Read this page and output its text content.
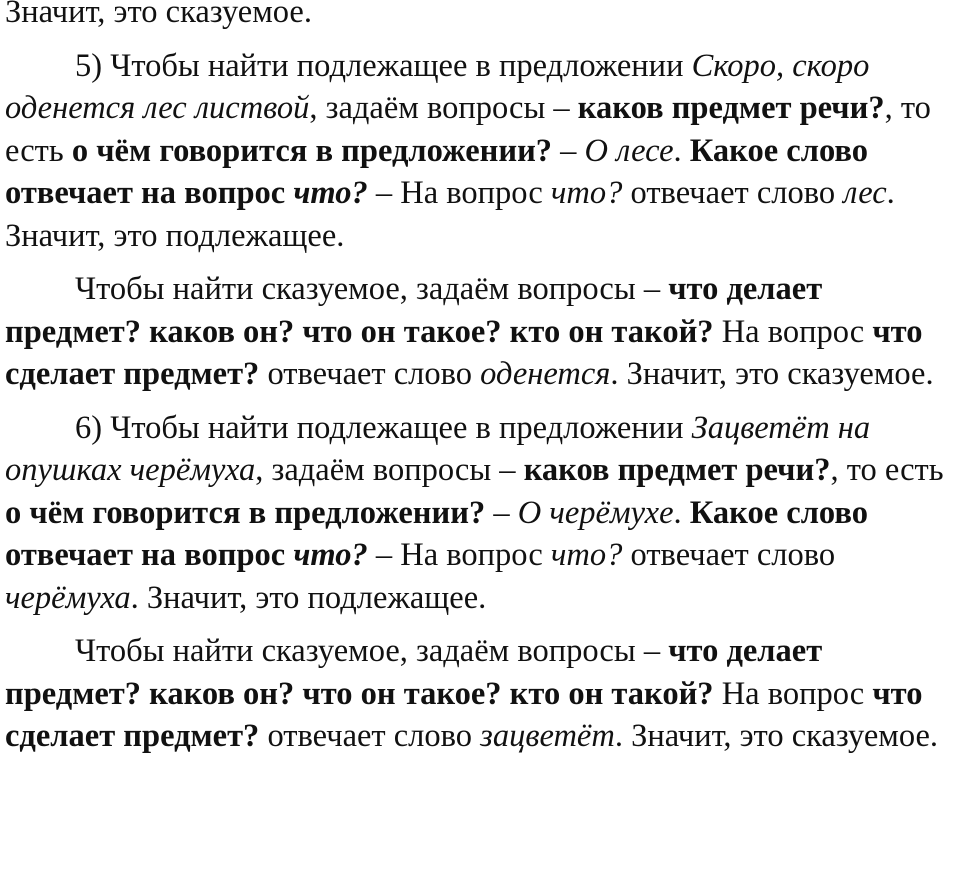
Значит, это сказуемое.

5) Чтобы найти подлежащее в предложении Скоро, скоро оденется лес листвой, задаём вопросы – каков предмет речи?, то есть о чём говорится в предложении? – О лесе. Какое слово отвечает на вопрос что? – На вопрос что? отвечает слово лес. Значит, это подлежащее.

Чтобы найти сказуемое, задаём вопросы – что делает предмет? каков он? что он такое? кто он такой? На вопрос что сделает предмет? отвечает слово оденется. Значит, это сказуемое.

6) Чтобы найти подлежащее в предложении Зацветёт на опушках черёмуха, задаём вопросы – каков предмет речи?, то есть о чём говорится в предложении? – О черёмухе. Какое слово отвечает на вопрос что? – На вопрос что? отвечает слово черёмуха. Значит, это подлежащее.

Чтобы найти сказуемое, задаём вопросы – что делает предмет? каков он? что он такое? кто он такой? На вопрос что сделает предмет? отвечает слово зацветёт. Значит, это сказуемое.
